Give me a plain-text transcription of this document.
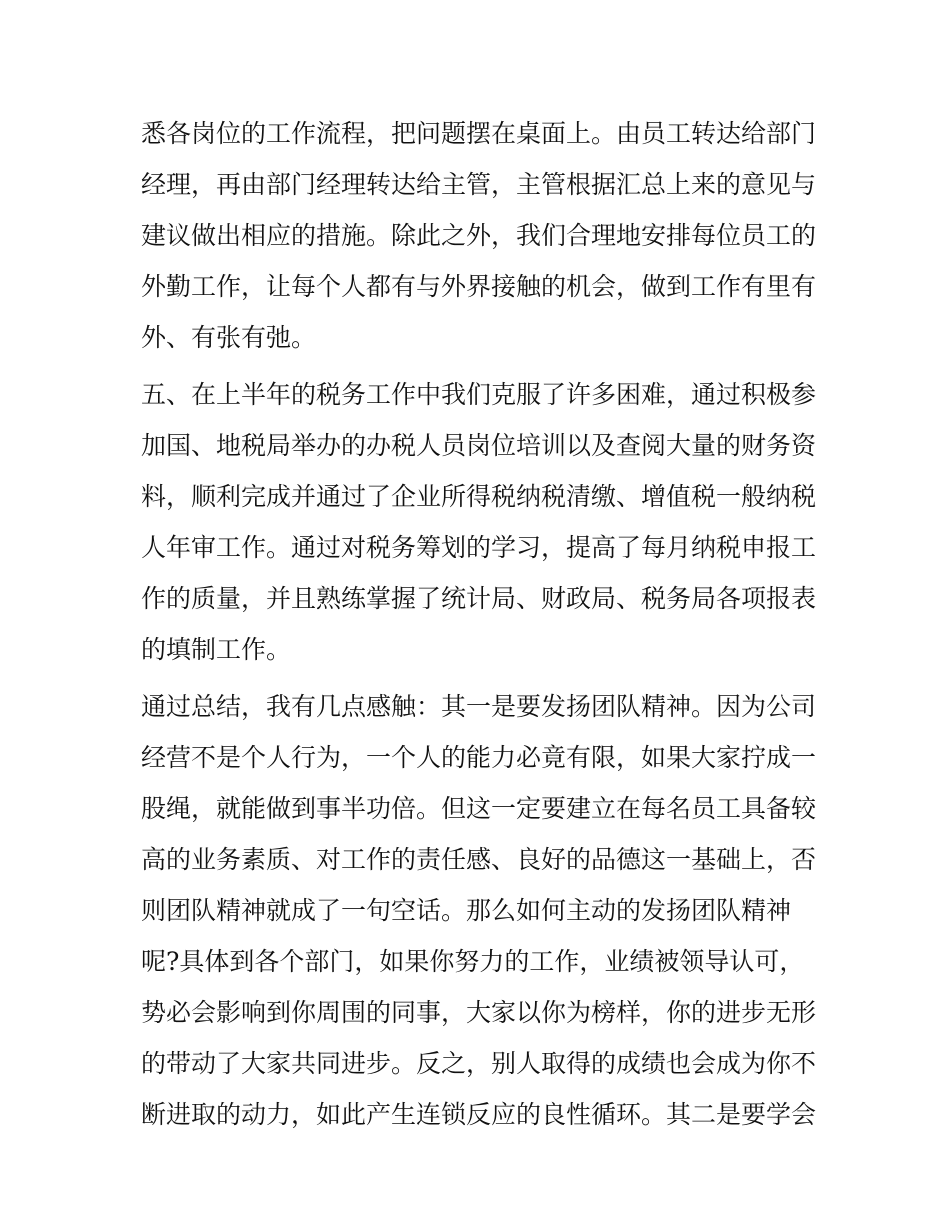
悉各岗位的工作流程，把问题摆在桌面上。由员工转达给部门
经理，再由部门经理转达给主管，主管根据汇总上来的意见与
建议做出相应的措施。除此之外，我们合理地安排每位员工的
外勤工作，让每个人都有与外界接触的机会，做到工作有里有
外、有张有弛。
五、在上半年的税务工作中我们克服了许多困难，通过积极参
加国、地税局举办的办税人员岗位培训以及查阅大量的财务资
料，顺利完成并通过了企业所得税纳税清缴、增值税一般纳税
人年审工作。通过对税务筹划的学习，提高了每月纳税申报工
作的质量，并且熟练掌握了统计局、财政局、税务局各项报表
的填制工作。
通过总结，我有几点感触：其一是要发扬团队精神。因为公司
经营不是个人行为，一个人的能力必竟有限，如果大家拧成一
股绳，就能做到事半功倍。但这一定要建立在每名员工具备较
高的业务素质、对工作的责任感、良好的品德这一基础上，否
则团队精神就成了一句空话。那么如何主动的发扬团队精神
呢?具体到各个部门，如果你努力的工作，业绩被领导认可，
势必会影响到你周围的同事，大家以你为榜样，你的进步无形
的带动了大家共同进步。反之，别人取得的成绩也会成为你不
断进取的动力，如此产生连锁反应的良性循环。其二是要学会
